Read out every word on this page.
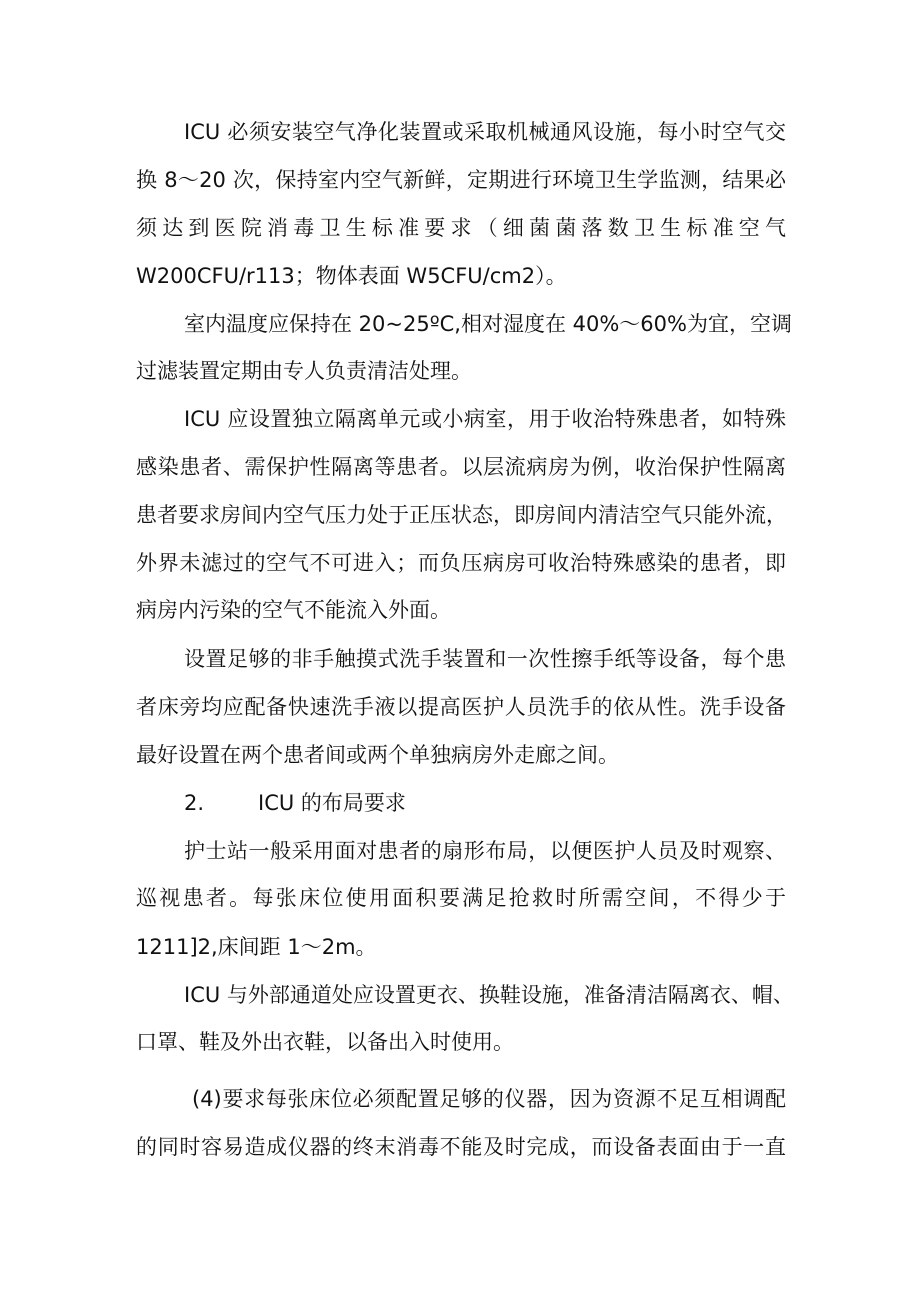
ICU 必须安装空气净化装置或采取机械通风设施，每小时空气交
换 8〜20 次，保持室内空气新鲜，定期进行环境卫生学监测，结果必
须达到医院消毒卫生标准要求（细菌菌落数卫生标准空气
W200CFU/r113；物体表面 W5CFU/cm2）。
室内温度应保持在 20~25ºC,相对湿度在 40%〜60%为宜，空调
过滤装置定期由专人负责清洁处理。
ICU 应设置独立隔离单元或小病室，用于收治特殊患者，如特殊
感染患者、需保护性隔离等患者。以层流病房为例，收治保护性隔离
患者要求房间内空气压力处于正压状态，即房间内清洁空气只能外流，
外界未滤过的空气不可进入；而负压病房可收治特殊感染的患者，即
病房内污染的空气不能流入外面。
设置足够的非手触摸式洗手装置和一次性擦手纸等设备，每个患
者床旁均应配备快速洗手液以提高医护人员洗手的依从性。洗手设备
最好设置在两个患者间或两个单独病房外走廊之间。
2.	ICU 的布局要求
护士站一般采用面对患者的扇形布局，以便医护人员及时观察、
巡视患者。每张床位使用面积要满足抢救时所需空间，不得少于
1211]2,床间距 1〜2m。
ICU 与外部通道处应设置更衣、换鞋设施，准备清洁隔离衣、帽、
口罩、鞋及外出衣鞋，以备出入时使用。
(4)要求每张床位必须配置足够的仪器，因为资源不足互相调配
的同时容易造成仪器的终末消毒不能及时完成，而设备表面由于一直
